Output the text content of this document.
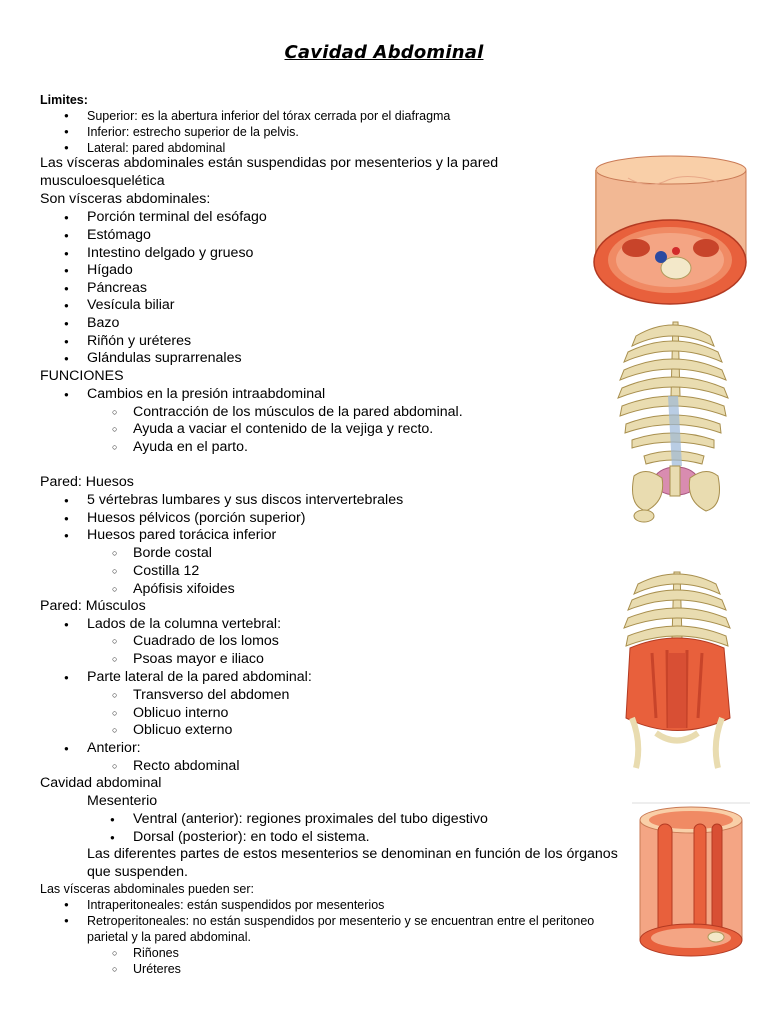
Cavidad Abdominal
Limites:
● Superior: es la abertura inferior del tórax cerrada por el diafragma
● Inferior: estrecho superior de la pelvis.
● Lateral: pared abdominal
Las vísceras abdominales están suspendidas por mesenterios y la pared
musculoesquelética
Son vísceras abdominales:
● Porción terminal del esófago
● Estómago
● Intestino delgado y grueso
● Hígado
● Páncreas
● Vesícula biliar
● Bazo
● Riñón y uréteres
● Glándulas suprarrenales
FUNCIONES
● Cambios en la presión intraabdominal
○ Contracción de los músculos de la pared abdominal.
○ Ayuda a vaciar el contenido de la vejiga y recto.
○ Ayuda en el parto.
Pared: Huesos
● 5 vértebras lumbares y sus discos intervertebrales
● Huesos pélvicos (porción superior)
● Huesos pared torácica inferior
○ Borde costal
○ Costilla 12
○ Apófisis xifoides
Pared: Músculos
● Lados de la columna vertebral:
○ Cuadrado de los lomos
○ Psoas mayor e iliaco
● Parte lateral de la pared abdominal:
○ Transverso del abdomen
○ Oblicuo interno
○ Oblicuo externo
● Anterior:
○ Recto abdominal
Cavidad abdominal
Mesenterio
● Ventral (anterior): regiones proximales del tubo digestivo
● Dorsal (posterior): en todo el sistema.
Las diferentes partes de estos mesenterios se denominan en función de los órganos
que suspenden.
Las vísceras abdominales pueden ser:
● Intraperitoneales: están suspendidos por mesenterios
● Retroperitoneales: no están suspendidos por mesenterio y se encuentran entre el peritoneo
parietal y la pared abdominal.
○ Riñones
○ Uréteres
